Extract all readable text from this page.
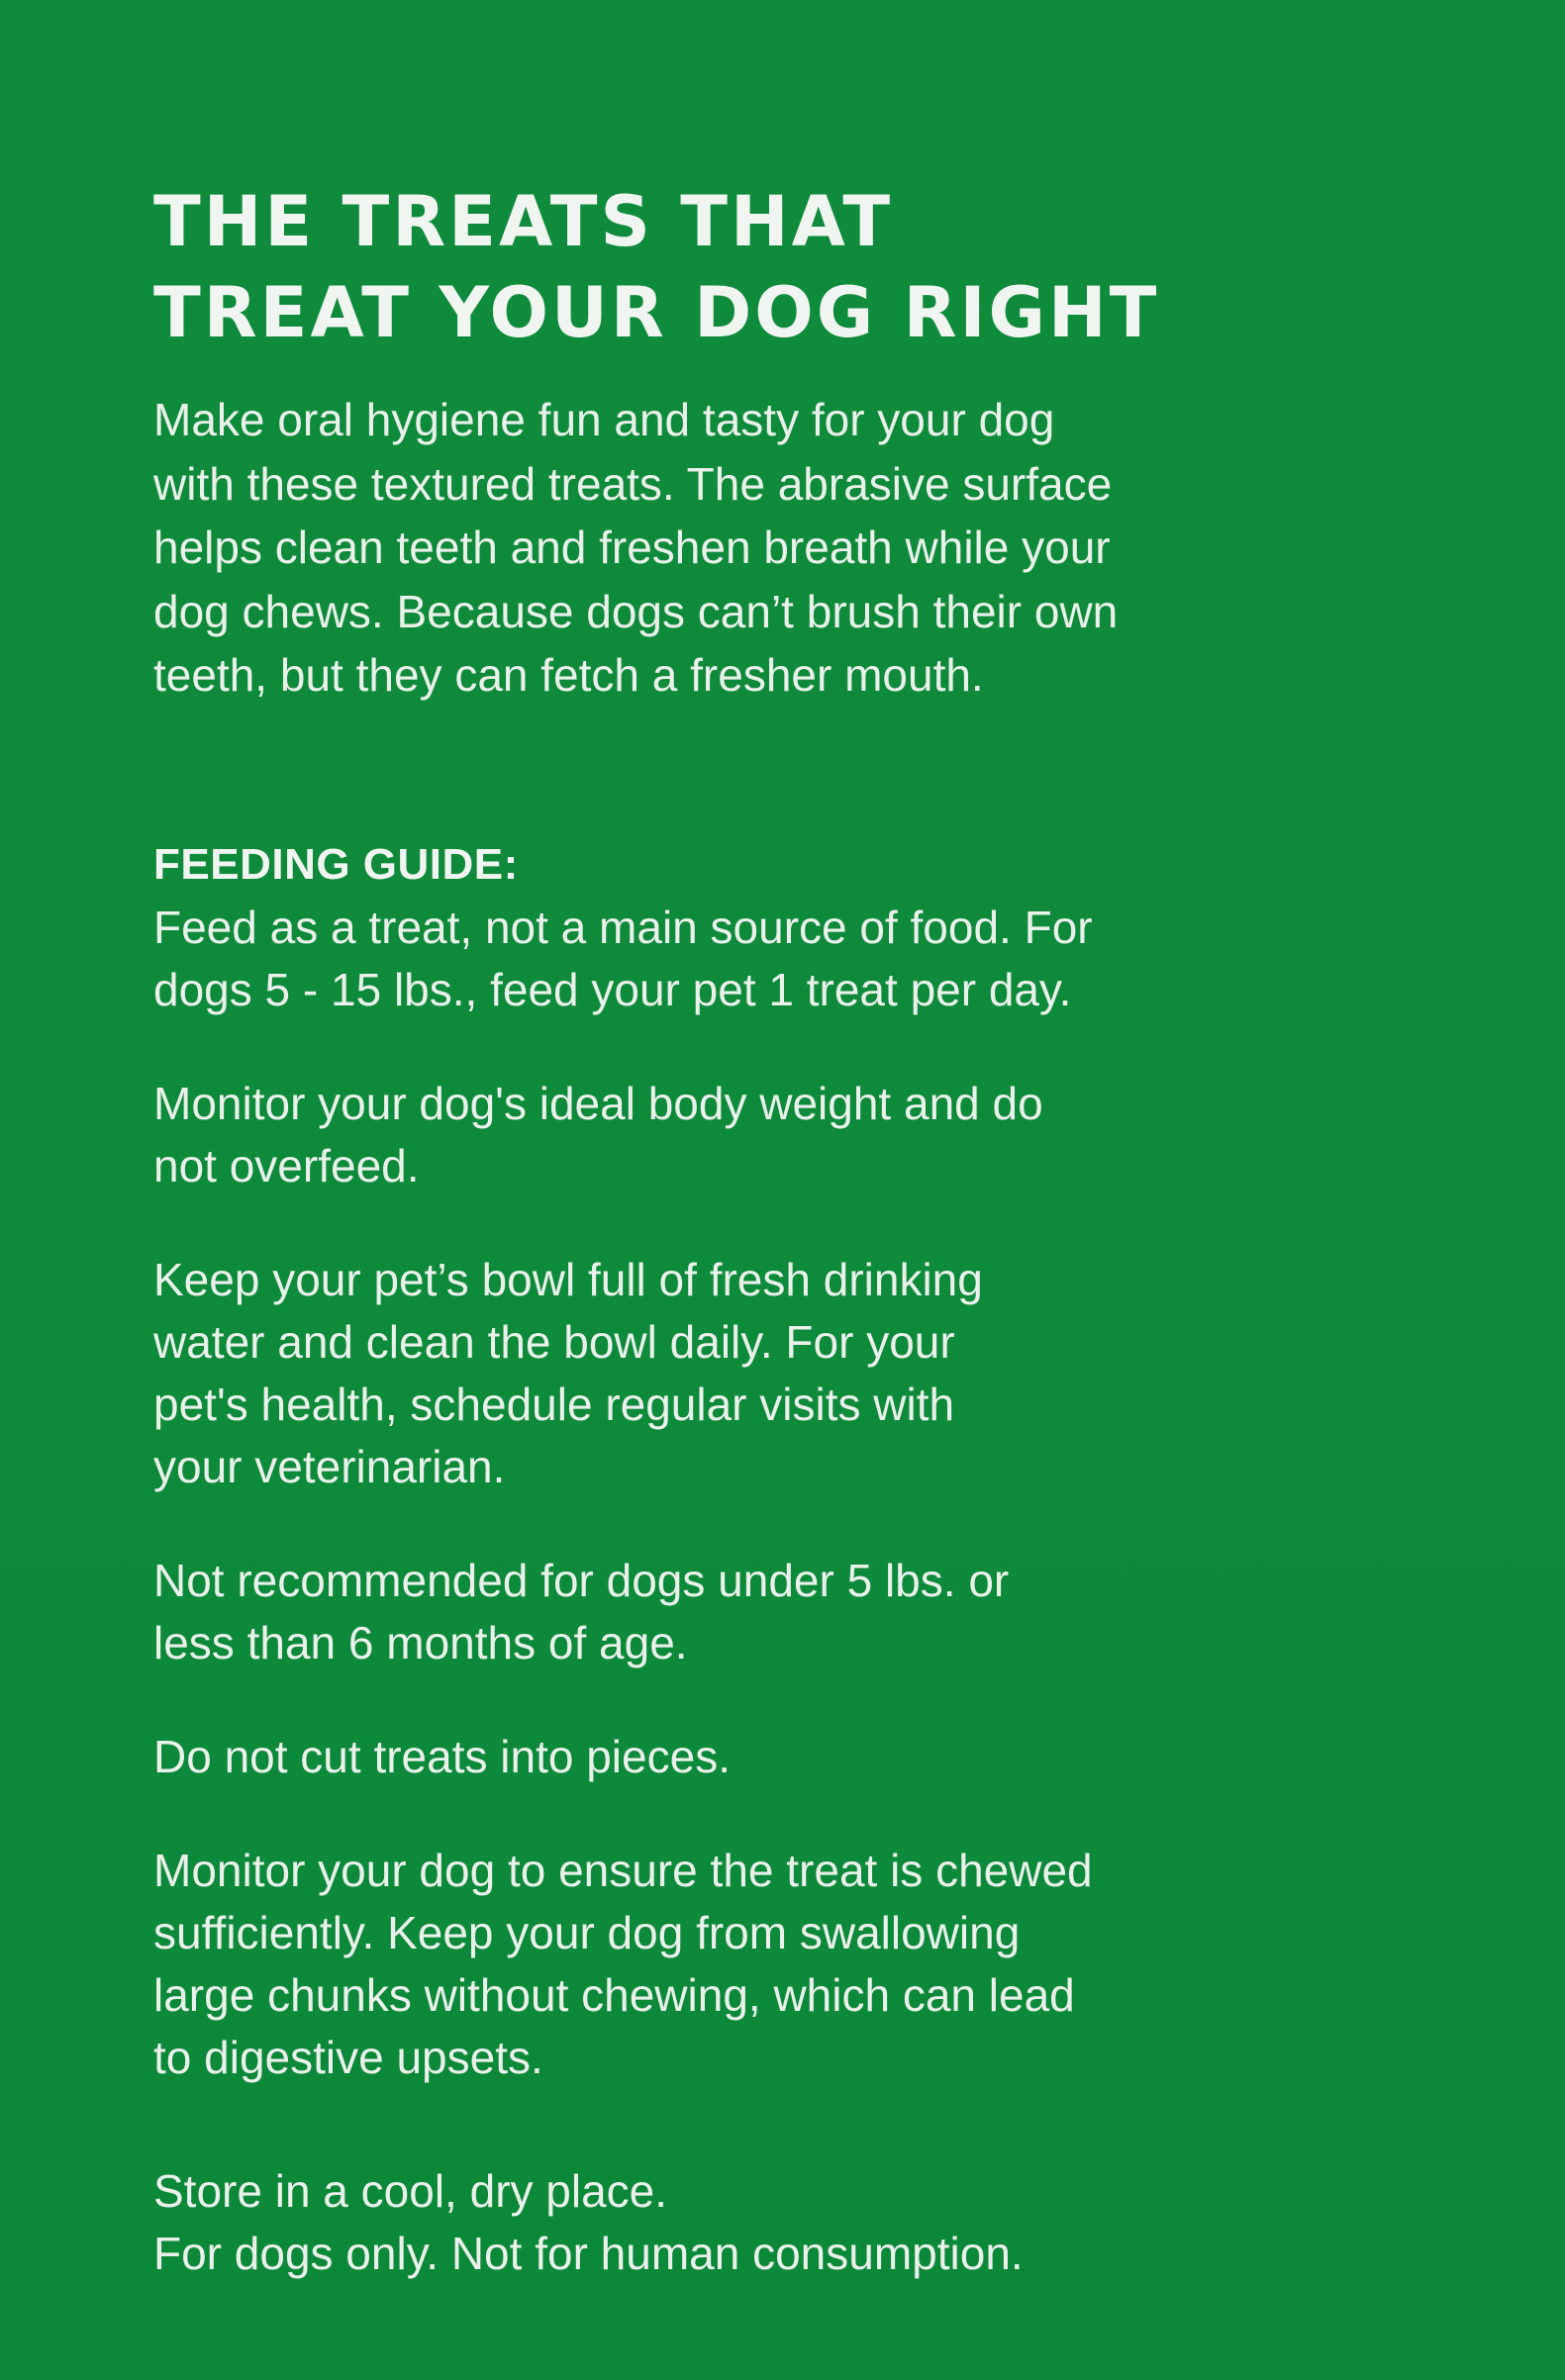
THE TREATS THAT
TREAT YOUR DOG RIGHT

Make oral hygiene fun and tasty for your dog
with these textured treats. The abrasive surface
helps clean teeth and freshen breath while your
dog chews. Because dogs can’t brush their own
teeth, but they can fetch a fresher mouth.

FEEDING GUIDE:

Feed as a treat, not a main source of food. For
dogs 5 - 15 lbs., feed your pet 1 treat per day.

Monitor your dog's ideal body weight and do
not overfeed.

Keep your pet’s bowl full of fresh drinking
water and clean the bowl daily. For your
pet's health, schedule regular visits with
your veterinarian.

Not recommended for dogs under 5 lbs. or
less than 6 months of age.

Do not cut treats into pieces.

Monitor your dog to ensure the treat is chewed
sufficiently. Keep your dog from swallowing
large chunks without chewing, which can lead
to digestive upsets.

Store in a cool, dry place.
For dogs only. Not for human consumption.
